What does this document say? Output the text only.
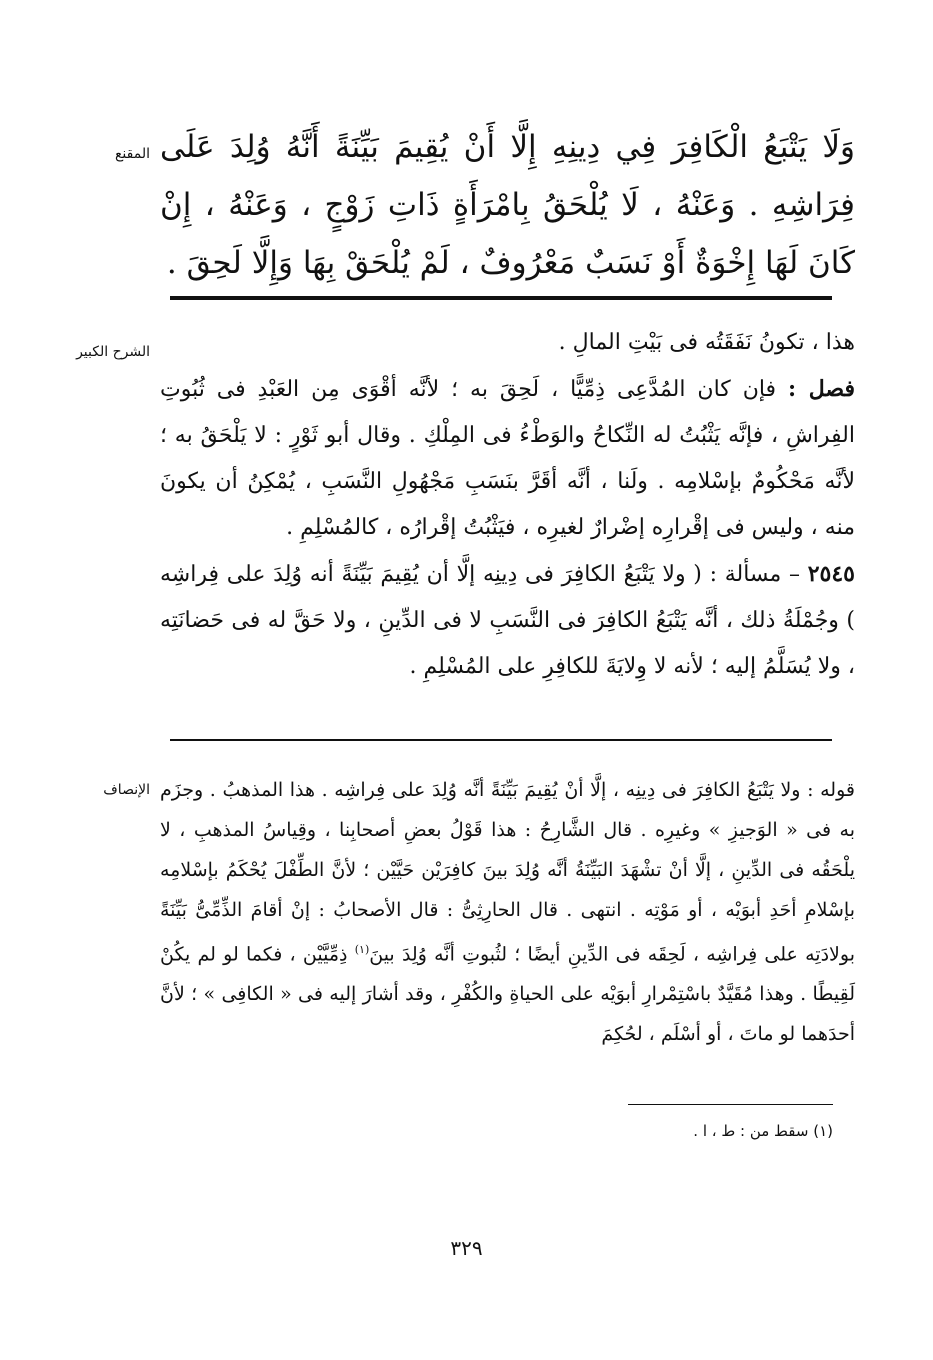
المقنع
الشرح الكبير
الإنصاف

وَلَا يَتْبَعُ الْكَافِرَ فِي دِينِهِ إِلَّا أَنْ يُقِيمَ بَيِّنَةً أَنَّهُ وُلِدَ عَلَى فِرَاشِهِ . وَعَنْهُ ، لَا يُلْحَقُ بِامْرَأَةٍ ذَاتِ زَوْجٍ ، وَعَنْهُ ، إِنْ كَانَ لَهَا إِخْوَةٌ أَوْ نَسَبٌ مَعْرُوفٌ ، لَمْ يُلْحَقْ بِهَا وَإِلَّا لَحِقَ .

هذا ، تكونُ نَفَقَتُه فى بَيْتِ المالِ .

فصل : فإن كان المُدَّعِى ذِمِّيًّا ، لَحِقَ به ؛ لأنَّه أقْوَى مِن العَبْدِ فى ثُبُوتِ الفِراشِ ، فإنَّه يَثْبُتُ له النِّكاحُ والوَطْءُ فى المِلْكِ . وقال أبو ثَوْرٍ : لا يَلْحَقُ به ؛ لأنَّه مَحْكُومٌ بإسْلامِه . ولَنا ، أنَّه أقَرَّ بنَسَبِ مَجْهُولِ النَّسَبِ ، يُمْكِنُ أن يكونَ منه ، وليس فى إقْرارِه إضْرارٌ لغيرِه ، فيَثْبُتُ إقْرارُه ، كالمُسْلِمِ .

٢٥٤٥ – مسألة : ( ولا يَتْبَعُ الكافِرَ فى دِينِه إلَّا أن يُقِيمَ بَيِّنَةً أنه وُلِدَ على فِراشِه ) وجُمْلَةُ ذلك ، أنَّه يَتْبَعُ الكافِرَ فى النَّسَبِ لا فى الدِّينِ ، ولا حَقَّ له فى حَضانَتِه ، ولا يُسَلَّمُ إليه ؛ لأنه لا وِلايَةَ للكافِرِ على المُسْلِمِ .

قوله : ولا يَتْبَعُ الكافِرَ فى دِينِه ، إلَّا أنْ يُقِيمَ بَيِّنَةً أنَّه وُلِدَ على فِراشِه . هذا المذهبُ . وجزَم به فى « الوَجيزِ » وغيرِه . قال الشَّارِحُ : هذا قَوْلُ بعضِ أصحابِنا ، وقِياسُ المذهبِ ، لا يلْحَقُه فى الدِّينِ ، إلَّا أنْ تشْهَدَ البَيِّنَةُ أنَّه وُلِدَ بينَ كافِرَيْن حَيَّيْن ؛ لأنَّ الطِّفْلَ يُحْكَمُ بإسْلامِه بإسْلامِ أحَدِ أبوَيْه ، أو مَوْتِه . انتهى . قال الحارِثِىُّ : قال الأصحابُ : إنْ أقامَ الذِّمِّىُّ بَيِّنَةً بولادَتِه على فِراشِه ، لَحِقَه فى الدِّينِ أيضًا ؛ لثُبوتِ أنَّه وُلِدَ بينَ$^{(١)}$ ذِمِّيَّيْن ، فكما لو لم يكُنْ لَقِيطًا . وهذا مُقَيَّدٌ باسْتِمْرارِ أبوَيْه على الحياةِ والكُفْرِ ، وقد أشارَ إليه فى « الكافِى » ؛ لأنَّ أحدَهما لو ماتَ ، أو أسْلَم ، لحُكِمَ

(١) سقط من : ط ، ا .
٣٢٩
